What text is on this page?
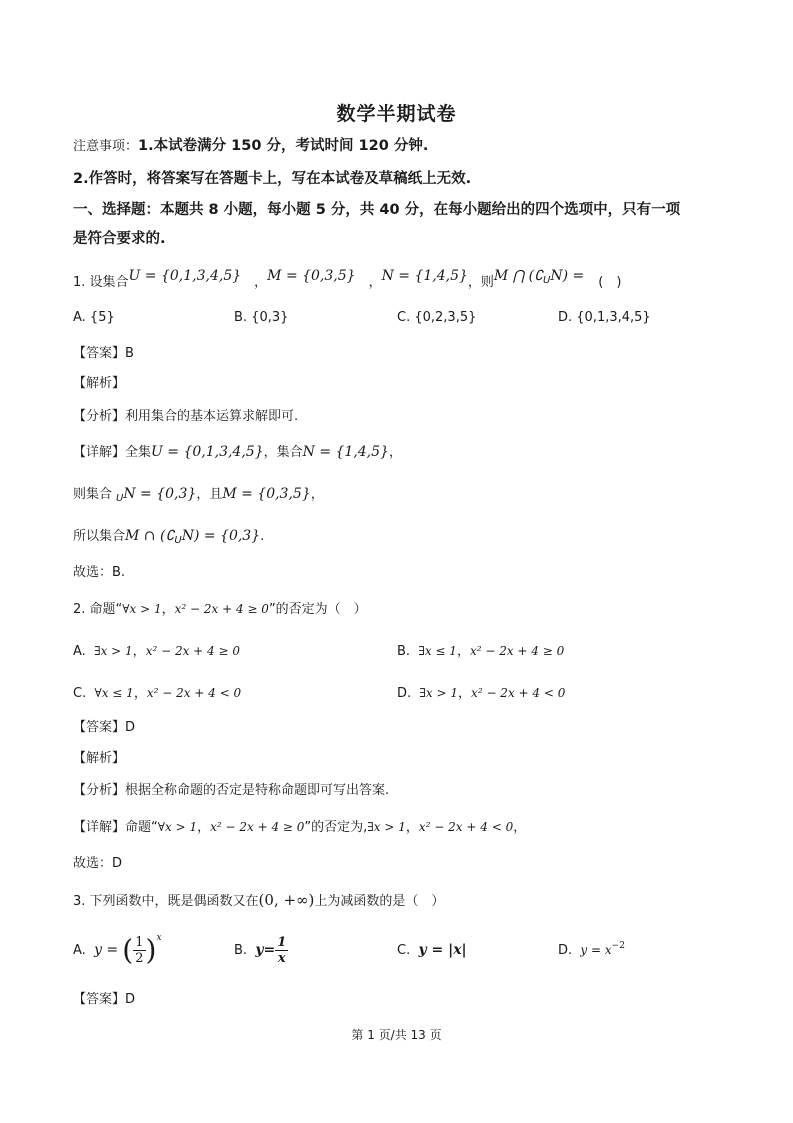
数学半期试卷
注意事项：1.本试卷满分 150 分，考试时间 120 分钟.
2.作答时，将答案写在答题卡上，写在本试卷及草稿纸上无效.
一、选择题：本题共 8 小题，每小题 5 分，共 40 分，在每小题给出的四个选项中，只有一项
是符合要求的.
1. 设集合U = {0,1,3,4,5}　，M = {0,3,5}　，N = {1,4,5}，则M ⋂ (∁$^U$N) = (　)
A. {5}	B. {0,3}	C. {0,2,3,5}	D. {0,1,3,4,5}
【答案】B
【解析】
【分析】利用集合的基本运算求解即可.
【详解】全集U = {0,1,3,4,5}，集合N = {1,4,5}，
则集合 $_U$N = {0,3}，且M = {0,3,5}，
所以集合M ∩ $(∁_UN) = \{0,3\}$.
故选：B.
2. 命题“∀x > 1，x² − 2x + 4 ≥ 0”的否定为（　）
A. ∃x > 1，x² − 2x + 4 ≥ 0	B. ∃x ≤ 1，x² − 2x + 4 ≥ 0
C. ∀x ≤ 1，x² − 2x + 4 < 0	D. ∃x > 1，x² − 2x + 4 < 0
【答案】D
【解析】
【分析】根据全称命题的否定是特称命题即可写出答案.
【详解】命题“∀x > 1，x² − 2x + 4 ≥ 0”的否定为,∃x > 1，x² − 2x + 4 < 0，
故选：D
3. 下列函数中，既是偶函数又在(0, +∞)上为减函数的是（　）
A. y = ( $\frac{1}{2} )^x$
B. $y= \frac{1}{x}$	C. y = |x|	D. $y = x^{-2}$
【答案】D
第 1 页/共 13 页
